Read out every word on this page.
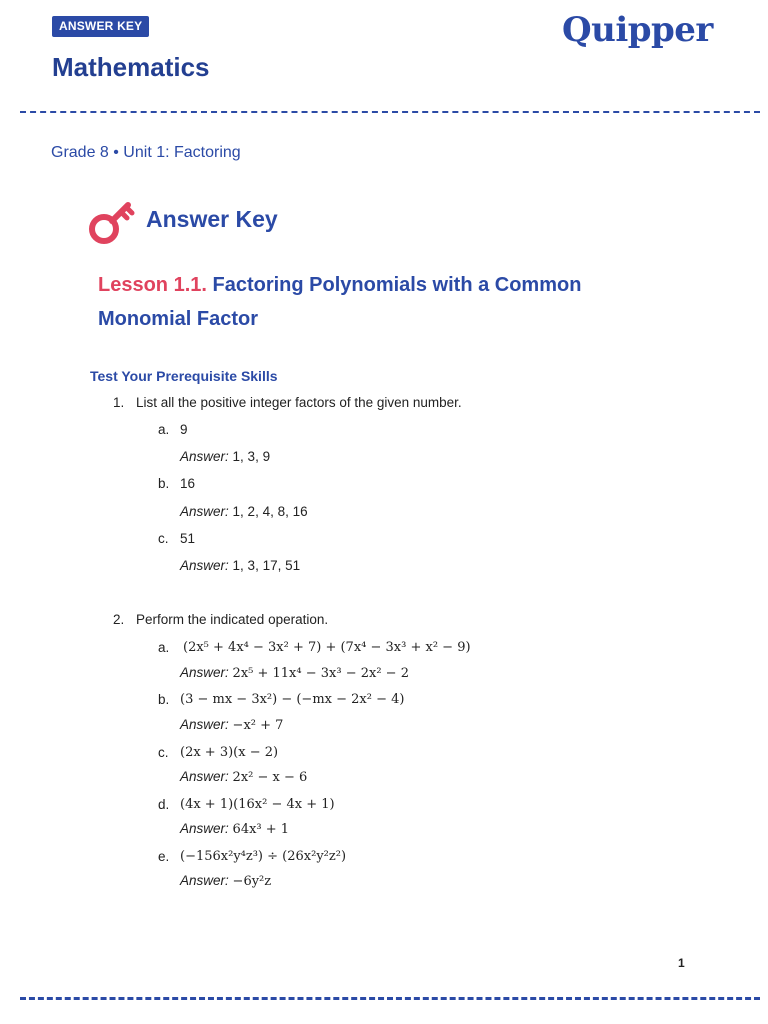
ANSWER KEY	Quipper
Mathematics
Grade 8 • Unit 1: Factoring
Answer Key
Lesson 1.1. Factoring Polynomials with a Common Monomial Factor
Test Your Prerequisite Skills
1. List all the positive integer factors of the given number.
a. 9
Answer: 1, 3, 9
b. 16
Answer: 1, 2, 4, 8, 16
c. 51
Answer: 1, 3, 17, 51
2. Perform the indicated operation.
a. (2x⁵ + 4x⁴ − 3x² + 7) + (7x⁴ − 3x³ + x² − 9)
Answer: 2x⁵ + 11x⁴ − 3x³ − 2x² − 2
b. (3 − mx − 3x²) − (−mx − 2x² − 4)
Answer: −x² + 7
c. (2x + 3)(x − 2)
Answer: 2x² − x − 6
d. (4x + 1)(16x² − 4x + 1)
Answer: 64x³ + 1
e. (−156x²y⁴z³) ÷ (26x²y²z²)
Answer: −6y²z
1
